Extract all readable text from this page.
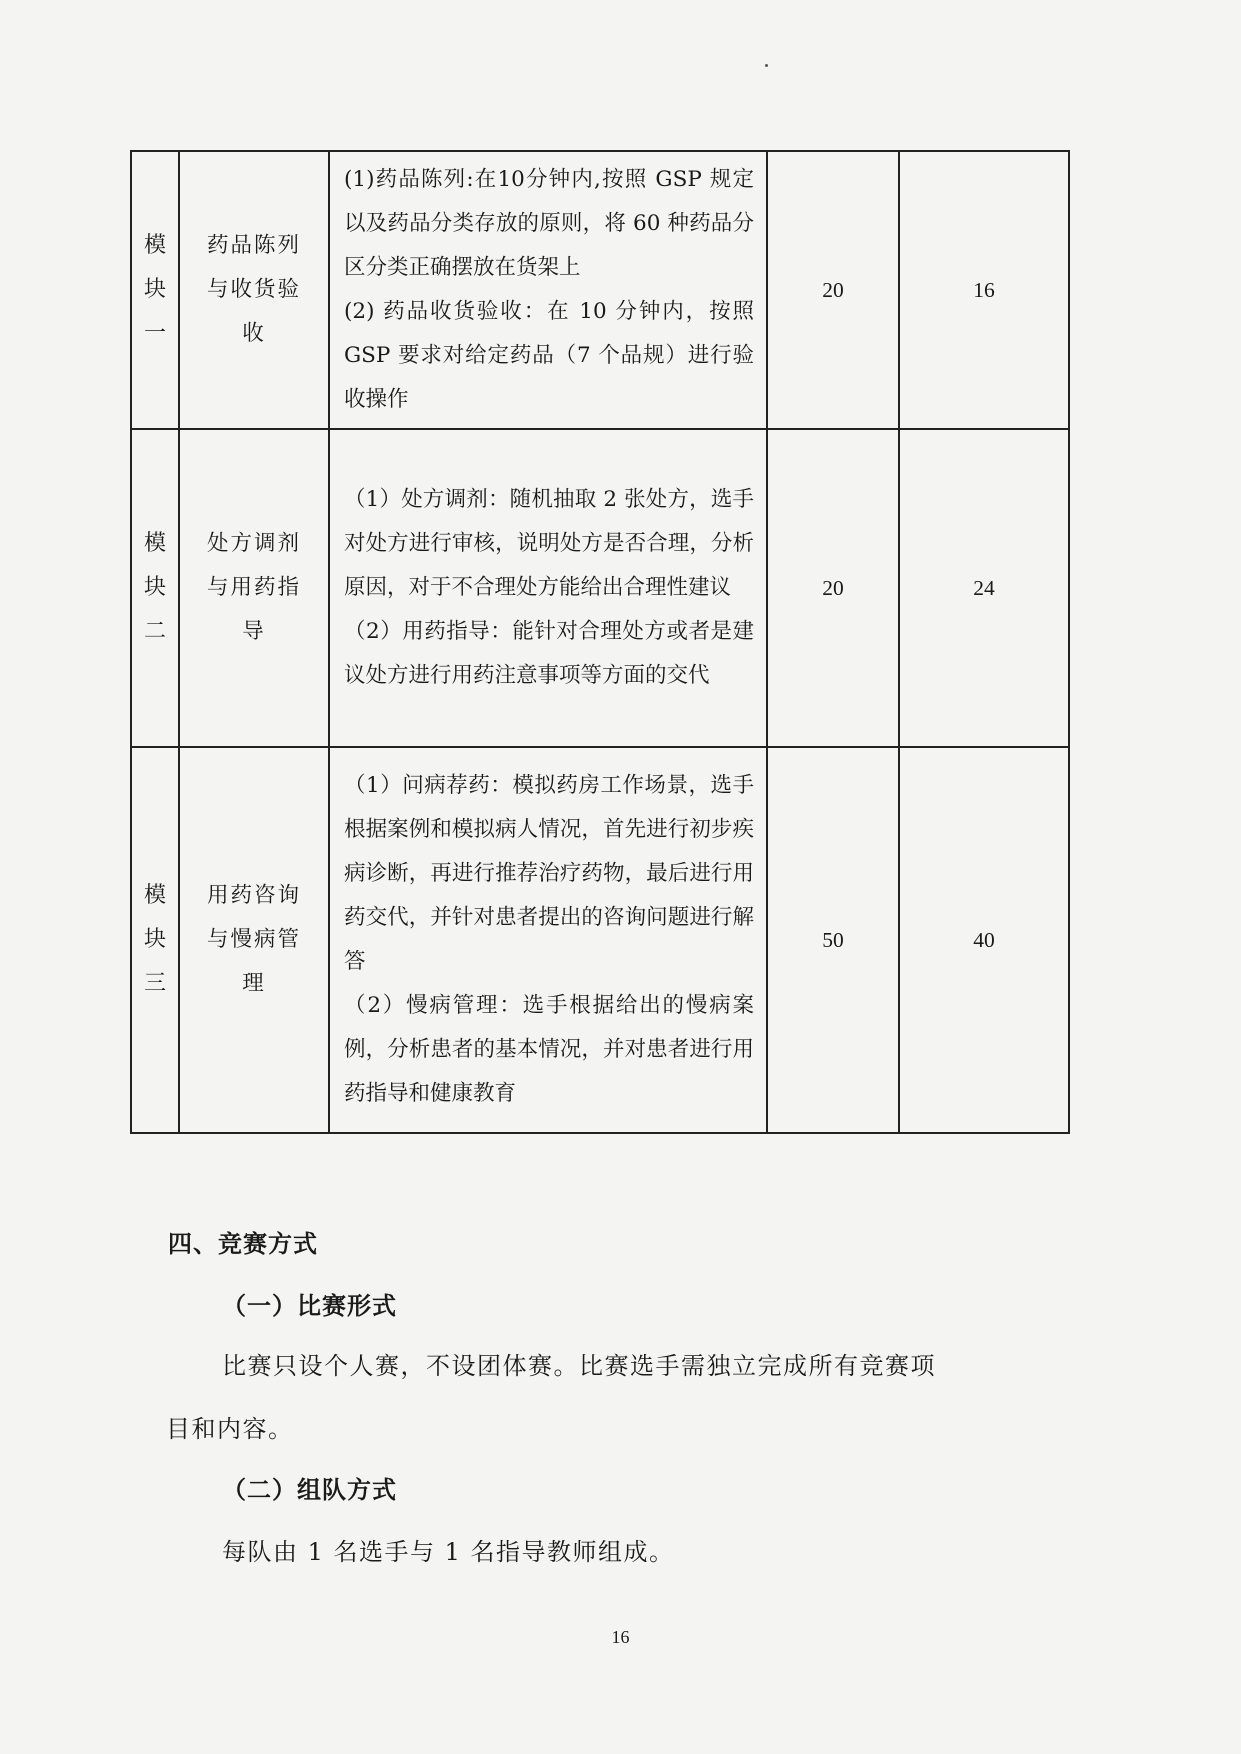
模块一	药品陈列与收货验收	(1)药品陈列:在10分钟内,按照 GSP 规定以及药品分类存放的原则，将 60 种药品分区分类正确摆放在货架上

(2) 药品收货验收：在 10 分钟内，按照 GSP 要求对给定药品（7 个品规）进行验收操作	20	16
模块二	处方调剂与用药指导	（1）处方调剂：随机抽取 2 张处方，选手对处方进行审核，说明处方是否合理，分析原因，对于不合理处方能给出合理性建议

（2）用药指导：能针对合理处方或者是建议处方进行用药注意事项等方面的交代	20	24
模块三	用药咨询与慢病管理	（1）问病荐药：模拟药房工作场景，选手根据案例和模拟病人情况，首先进行初步疾病诊断，再进行推荐治疗药物，最后进行用药交代，并针对患者提出的咨询问题进行解答

（2）慢病管理：选手根据给出的慢病案例，分析患者的基本情况，并对患者进行用药指导和健康教育	50	40
四、竞赛方式
（一）比赛形式
比赛只设个人赛，不设团体赛。比赛选手需独立完成所有竞赛项
目和内容。
（二）组队方式
每队由 1 名选手与 1 名指导教师组成。
16
